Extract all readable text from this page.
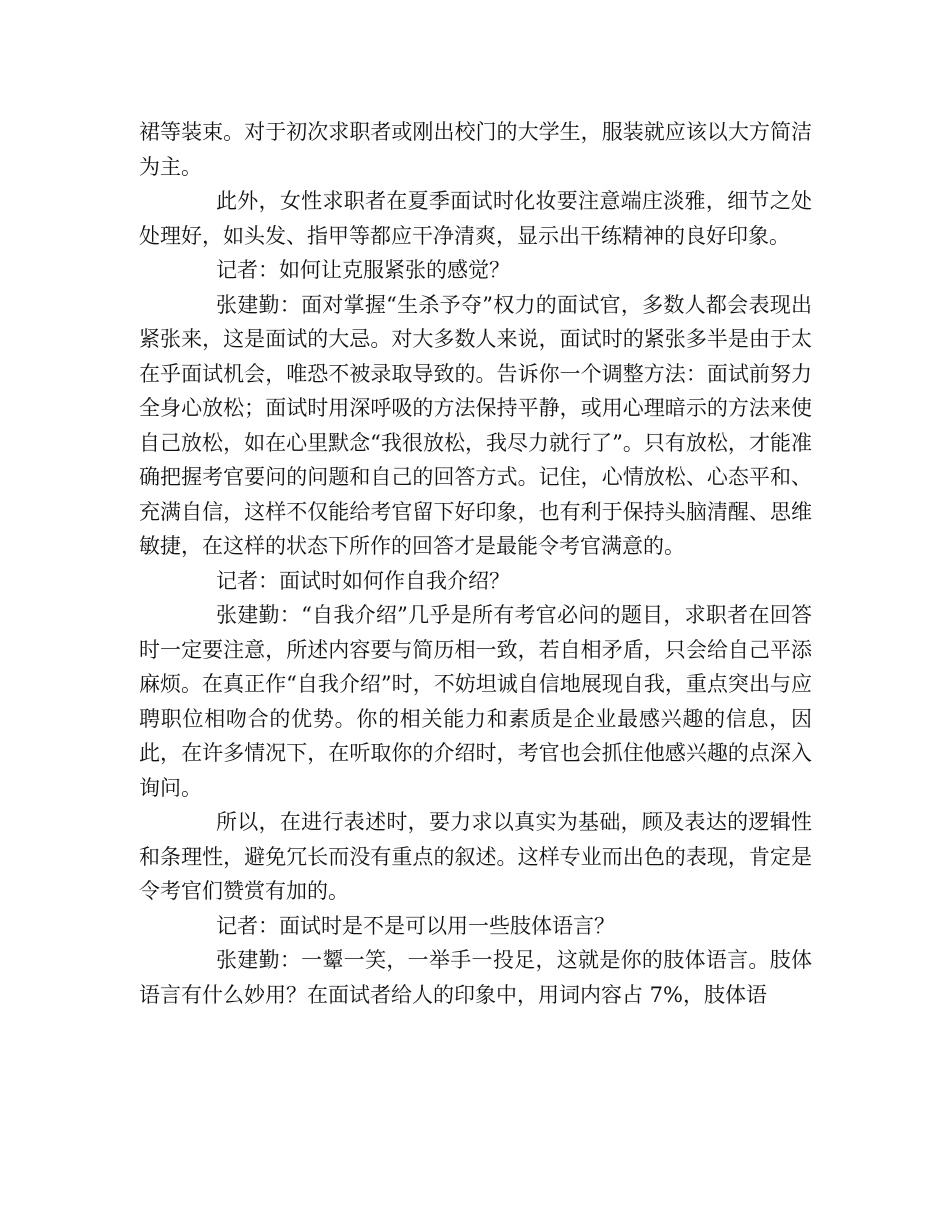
裙等装束。对于初次求职者或刚出校门的大学生，服装就应该以大方简洁为主。

此外，女性求职者在夏季面试时化妆要注意端庄淡雅，细节之处处理好，如头发、指甲等都应干净清爽，显示出干练精神的良好印象。

记者：如何让克服紧张的感觉？

张建勤：面对掌握“生杀予夺”权力的面试官，多数人都会表现出紧张来，这是面试的大忌。对大多数人来说，面试时的紧张多半是由于太在乎面试机会，唯恐不被录取导致的。告诉你一个调整方法：面试前努力全身心放松；面试时用深呼吸的方法保持平静，或用心理暗示的方法来使自己放松，如在心里默念“我很放松，我尽力就行了”。只有放松，才能准确把握考官要问的问题和自己的回答方式。记住，心情放松、心态平和、充满自信，这样不仅能给考官留下好印象，也有利于保持头脑清醒、思维敏捷，在这样的状态下所作的回答才是最能令考官满意的。

记者：面试时如何作自我介绍？

张建勤：“自我介绍”几乎是所有考官必问的题目，求职者在回答时一定要注意，所述内容要与简历相一致，若自相矛盾，只会给自己平添麻烦。在真正作“自我介绍”时，不妨坦诚自信地展现自我，重点突出与应聘职位相吻合的优势。你的相关能力和素质是企业最感兴趣的信息，因此，在许多情况下，在听取你的介绍时，考官也会抓住他感兴趣的点深入询问。

所以，在进行表述时，要力求以真实为基础，顾及表达的逻辑性和条理性，避免冗长而没有重点的叙述。这样专业而出色的表现，肯定是令考官们赞赏有加的。

记者：面试时是不是可以用一些肢体语言？

张建勤：一颦一笑，一举手一投足，这就是你的肢体语言。肢体语言有什么妙用？在面试者给人的印象中，用词内容占 7%，肢体语
